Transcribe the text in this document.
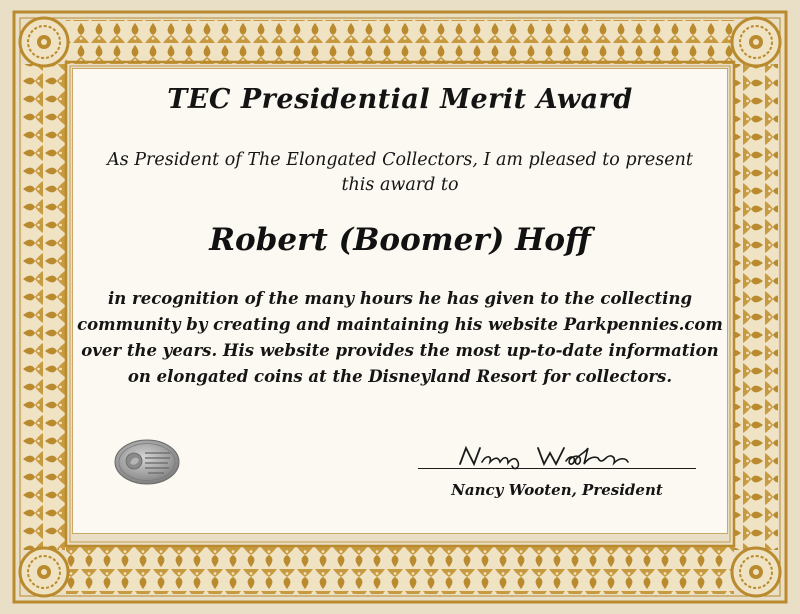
TEC Presidential Merit Award
As President of The Elongated Collectors, I am pleased to present
this award to
Robert (Boomer) Hoff
in recognition of the many hours he has given to the collecting
community by creating and maintaining his website Parkpennies.com
over the years. His website provides the most up-to-date information
on elongated coins at the Disneyland Resort for collectors.
Nancy Wooten, President
